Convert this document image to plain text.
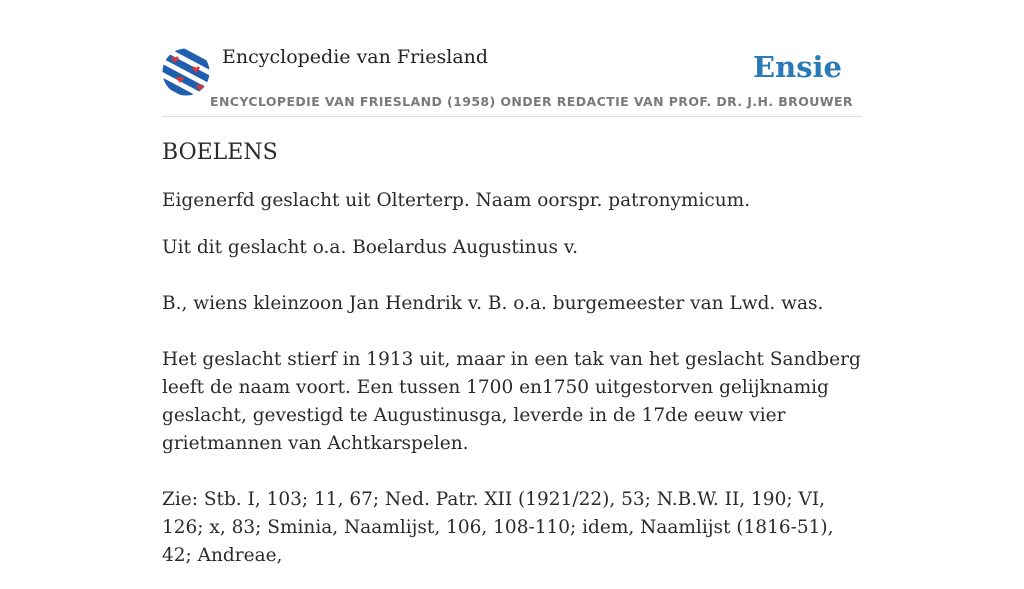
Encyclopedie van Friesland
ENCYCLOPEDIE VAN FRIESLAND (1958) ONDER REDACTIE VAN PROF. DR. J.H. BROUWER
Ensie
BOELENS

Eigenerfd geslacht uit Olterterp. Naam oorspr. patronymicum.

Uit dit geslacht o.a. Boelardus Augustinus v.

B., wiens kleinzoon Jan Hendrik v. B. o.a. burgemeester van Lwd. was.

Het geslacht stierf in 1913 uit, maar in een tak van het geslacht Sandberg leeft de naam voort. Een tussen 1700 en1750 uitgestorven gelijknamig geslacht, gevestigd te Augustinusga, leverde in de 17de eeuw vier grietmannen van Achtkarspelen.

Zie: Stb. I, 103; 11, 67; Ned. Patr. XII (1921/22), 53; N.B.W. II, 190; VI, 126; x, 83; Sminia, Naamlijst, 106, 108-110; idem, Naamlijst (1816-51), 42; Andreae,
